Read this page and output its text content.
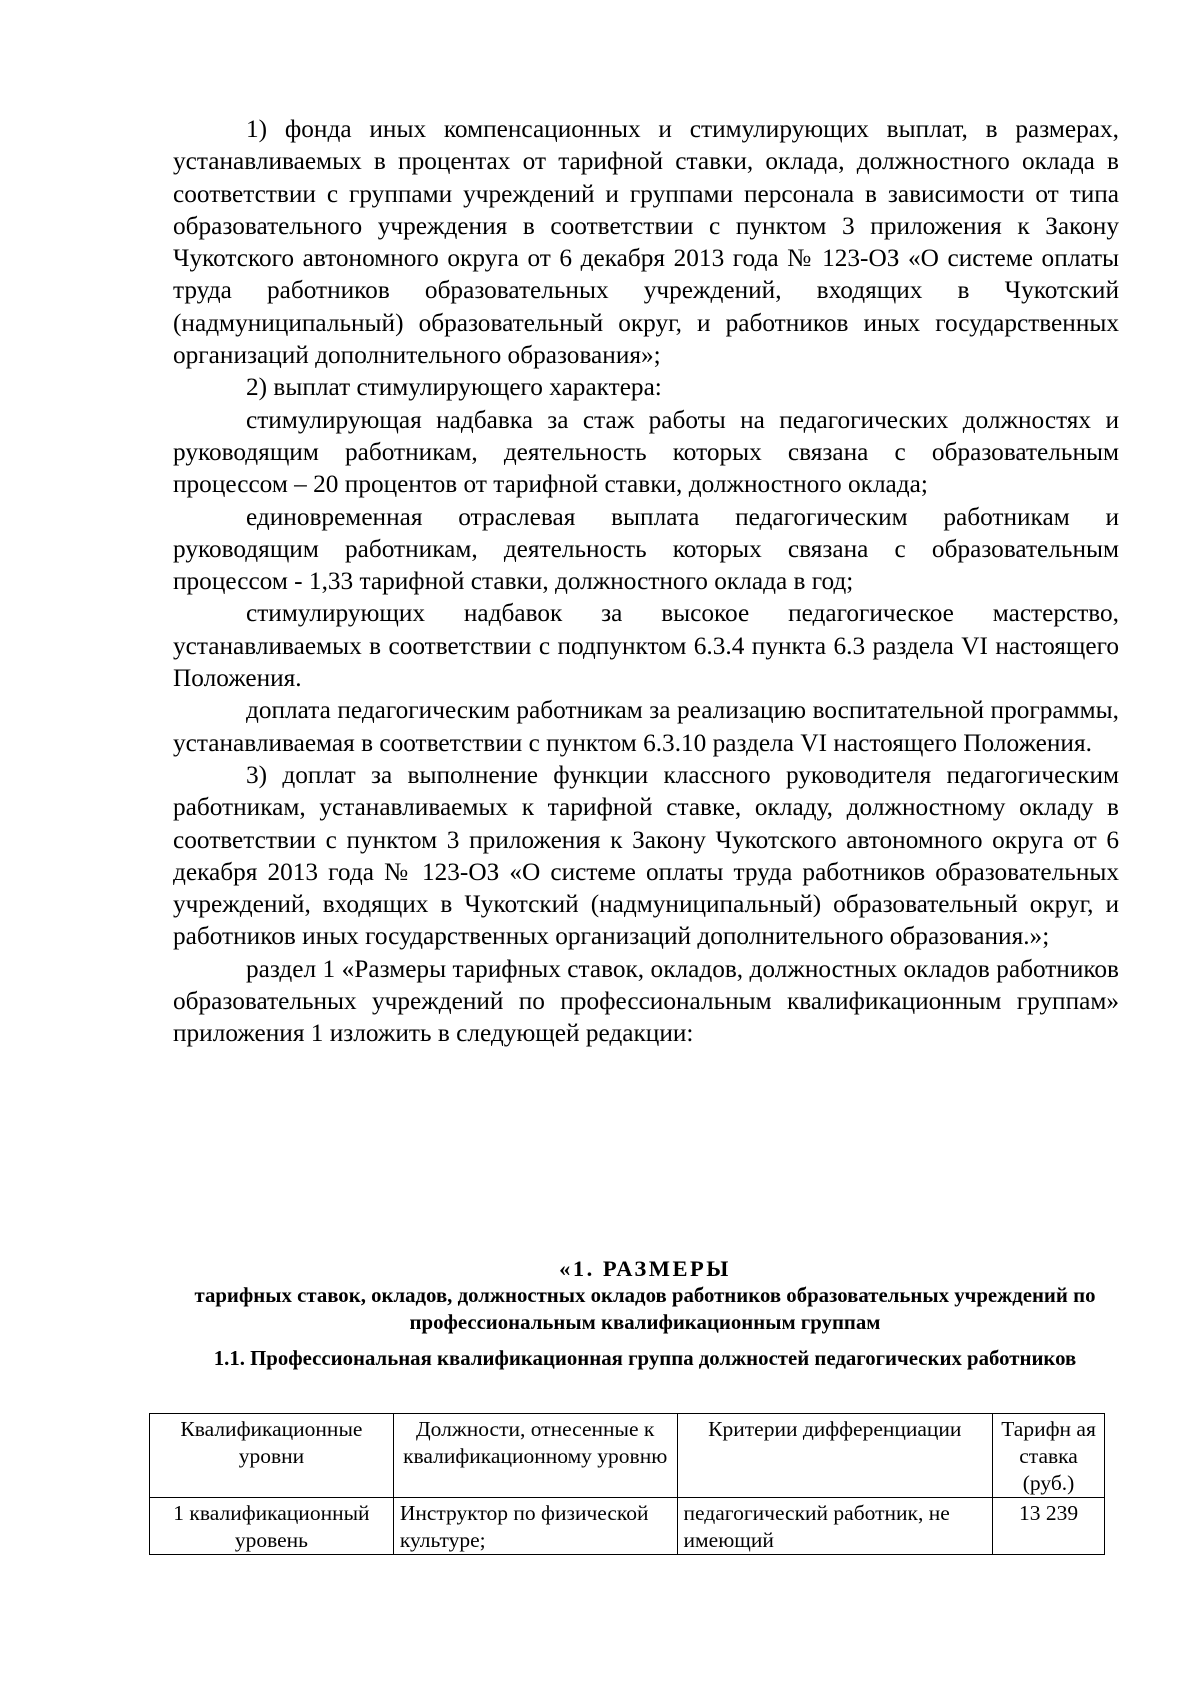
1) фонда иных компенсационных и стимулирующих выплат, в размерах, устанавливаемых в процентах от тарифной ставки, оклада, должностного оклада в соответствии с группами учреждений и группами персонала в зависимости от типа образовательного учреждения в соответствии с пунктом 3 приложения к Закону Чукотского автономного округа от 6 декабря 2013 года № 123-ОЗ «О системе оплаты труда работников образовательных учреждений, входящих в Чукотский (надмуниципальный) образовательный округ, и работников иных государственных организаций дополнительного образования»;

2) выплат стимулирующего характера:

стимулирующая надбавка за стаж работы на педагогических должностях и руководящим работникам, деятельность которых связана с образовательным процессом – 20 процентов от тарифной ставки, должностного оклада;

единовременная отраслевая выплата педагогическим работникам и руководящим работникам, деятельность которых связана с образовательным процессом - 1,33 тарифной ставки, должностного оклада в год;

стимулирующих надбавок за высокое педагогическое мастерство, устанавливаемых в соответствии с подпунктом 6.3.4 пункта 6.3 раздела VI настоящего Положения.

доплата педагогическим работникам за реализацию воспитательной программы, устанавливаемая в соответствии с пунктом 6.3.10 раздела VI настоящего Положения.

3) доплат за выполнение функции классного руководителя педагогическим работникам, устанавливаемых к тарифной ставке, окладу, должностному окладу в соответствии с пунктом 3 приложения к Закону Чукотского автономного округа от 6 декабря 2013 года № 123-ОЗ «О системе оплаты труда работников образовательных учреждений, входящих в Чукотский (надмуниципальный) образовательный округ, и работников иных государственных организаций дополнительного образования.»;

раздел 1 «Размеры тарифных ставок, окладов, должностных окладов работников образовательных учреждений по профессиональным квалификационным группам» приложения 1 изложить в следующей редакции:

«1. РАЗМЕРЫ

тарифных ставок, окладов, должностных окладов работников образовательных учреждений по профессиональным квалификационным группам

1.1. Профессиональная квалификационная группа должностей педагогических работников

Квалификационные уровни	Должности, отнесенные к квалификационному уровню	Критерии дифференциации	Тарифн ая ставка (руб.)
1 квалификационный уровень	Инструктор по физической культуре;	педагогический работник, не имеющий	13 239
